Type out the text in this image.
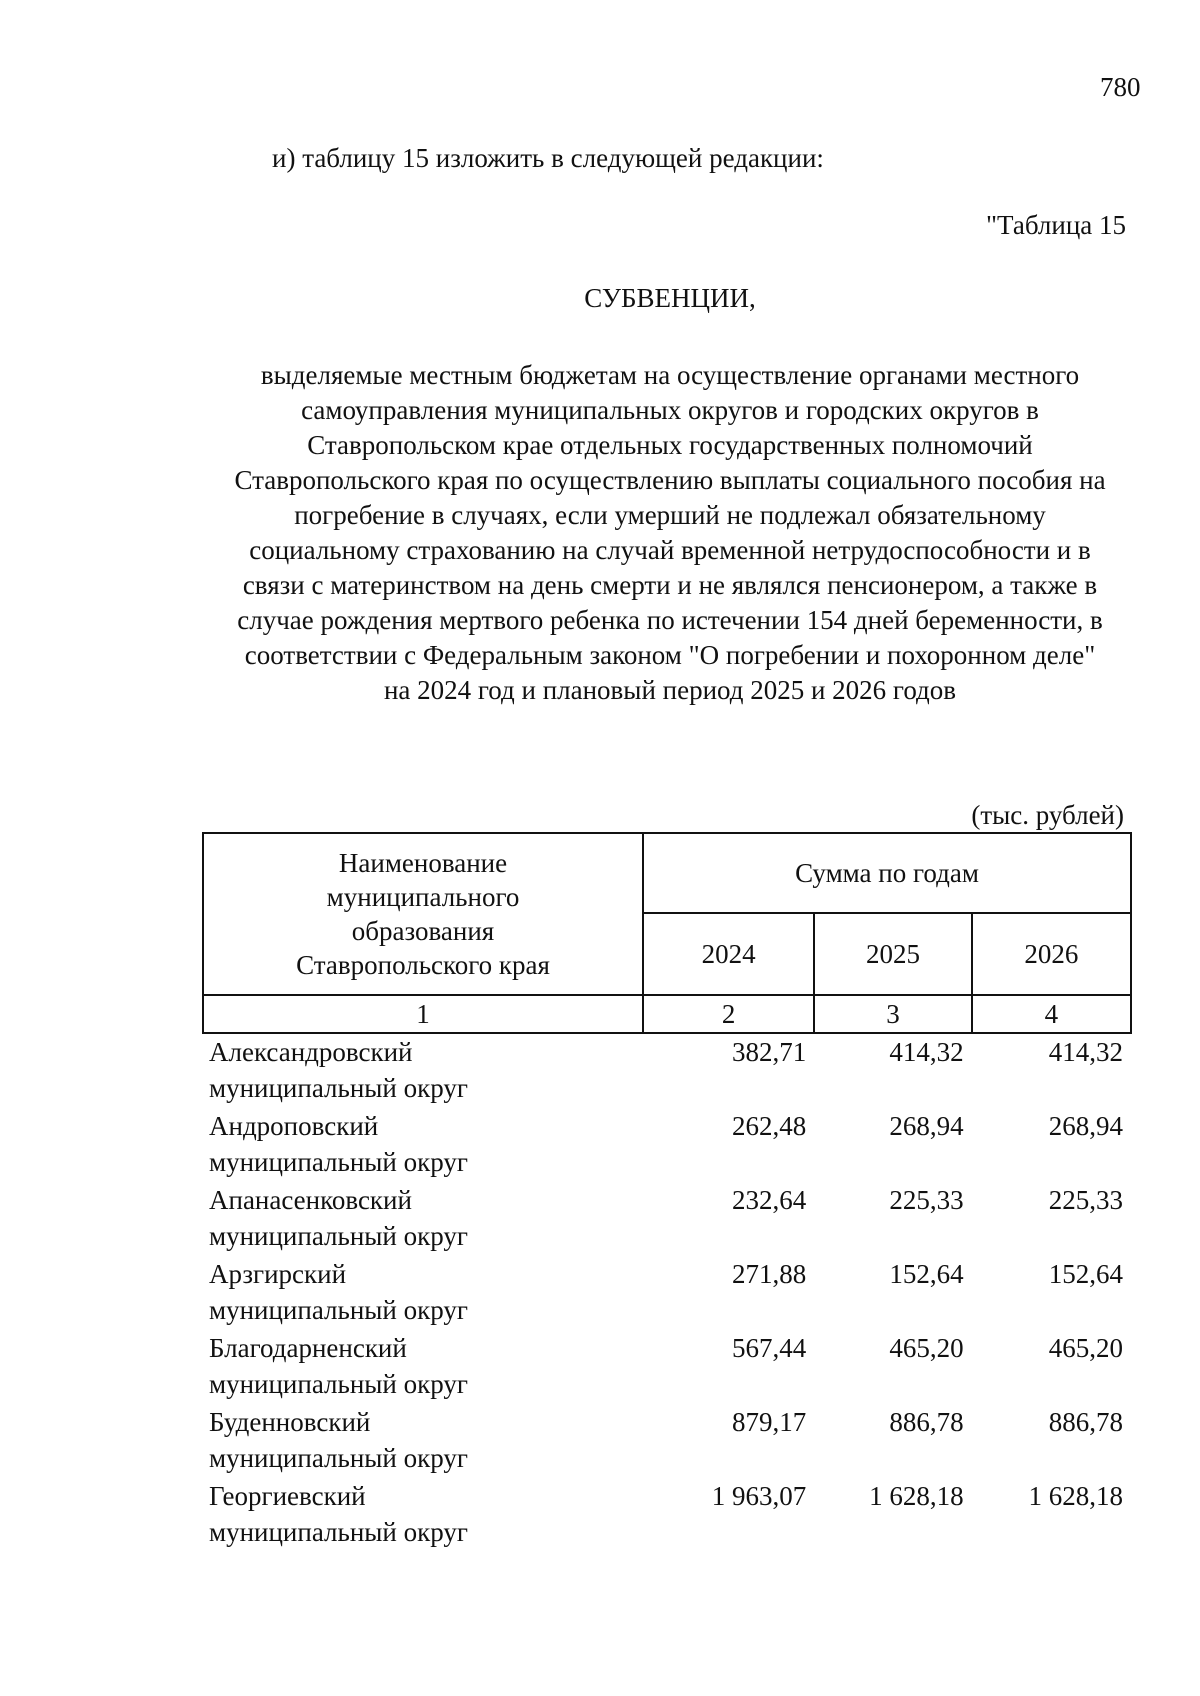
780
и) таблицу 15 изложить в следующей редакции:
"Таблица 15
СУБВЕНЦИИ,
выделяемые местным бюджетам на осуществление органами местного
самоуправления муниципальных округов и городских округов в
Ставропольском крае отдельных государственных полномочий
Ставропольского края по осуществлению выплаты социального пособия на
погребение в случаях, если умерший не подлежал обязательному
социальному страхованию на случай временной нетрудоспособности и в
связи с материнством на день смерти и не являлся пенсионером, а также в
случае рождения мертвого ребенка по истечении 154 дней беременности, в
соответствии с Федеральным законом "О погребении и похоронном деле"
на 2024 год и плановый период 2025 и 2026 годов
(тыс. рублей)
Наименование
муниципального
образования
Ставропольского края	Сумма по годам		
	2024	2025	2026
1	2	3	4

Александровский
муниципальный округ	382,71	414,32	414,32

Андроповский
муниципальный округ	262,48	268,94	268,94

Апанасенковский
муниципальный округ	232,64	225,33	225,33

Арзгирский
муниципальный округ	271,88	152,64	152,64

Благодарненский
муниципальный округ	567,44	465,20	465,20

Буденновский
муниципальный округ	879,17	886,78	886,78

Георгиевский
муниципальный округ	1 963,07	1 628,18	1 628,18
